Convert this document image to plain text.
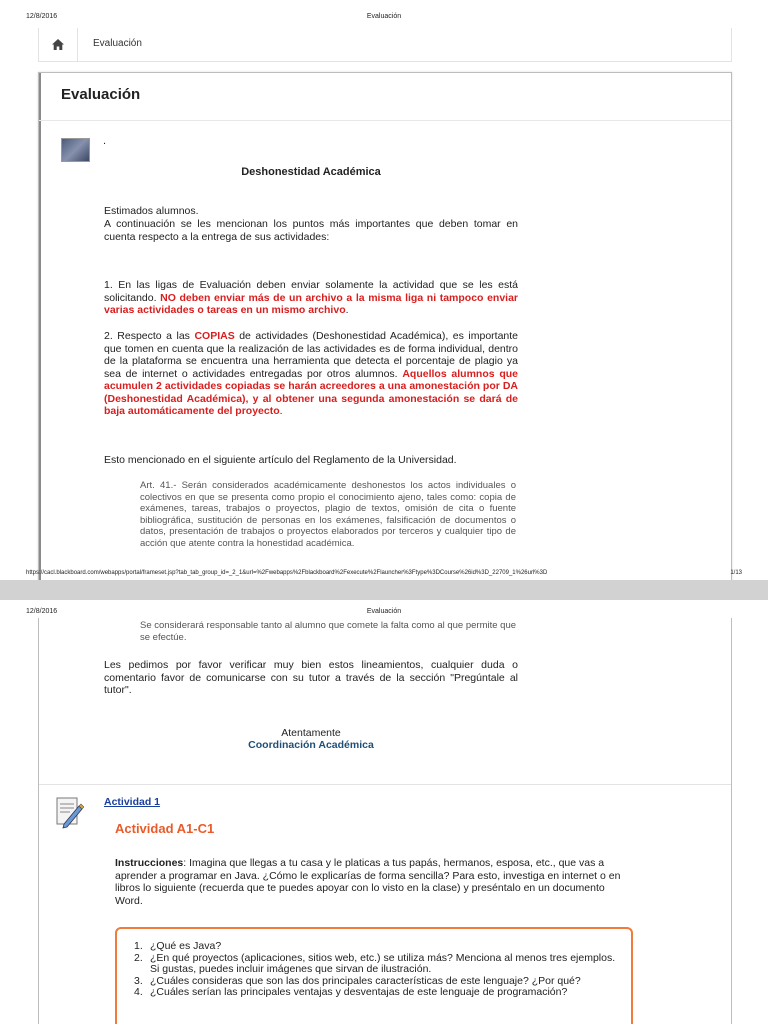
12/8/2016	Evaluación
Evaluación
Evaluación
.
Deshonestidad Académica
Estimados alumnos.
A continuación se les mencionan los puntos más importantes que deben tomar en cuenta respecto a la entrega de sus actividades:
1. En las ligas de Evaluación deben enviar solamente la actividad que se les está solicitando. NO deben enviar más de un archivo a la misma liga ni tampoco enviar varias actividades o tareas en un mismo archivo.
2. Respecto a las COPIAS de actividades (Deshonestidad Académica), es importante que tomen en cuenta que la realización de las actividades es de forma individual, dentro de la plataforma se encuentra una herramienta que detecta el porcentaje de plagio ya sea de internet o actividades entregadas por otros alumnos. Aquellos alumnos que acumulen 2 actividades copiadas se harán acreedores a una amonestación por DA (Deshonestidad Académica), y al obtener una segunda amonestación se dará de baja automáticamente del proyecto.
Esto mencionado en el siguiente artículo del Reglamento de la Universidad.
Art. 41.- Serán considerados académicamente deshonestos los actos individuales o colectivos en que se presenta como propio el conocimiento ajeno, tales como: copia de exámenes, tareas, trabajos o proyectos, plagio de textos, omisión de cita o fuente bibliográfica, sustitución de personas en los exámenes, falsificación de documentos o datos, presentación de trabajos o proyectos elaborados por terceros y cualquier tipo de acción que atente contra la honestidad académica.
https://cacl.blackboard.com/webapps/portal/frameset.jsp?tab_tab_group_id=_2_1&url=%2Fwebapps%2Fblackboard%2Fexecute%2Flauncher%3Ftype%3DCourse%26id%3D_22709_1%26url%3D	1/13
12/8/2016	Evaluación
Se considerará responsable tanto al alumno que comete la falta como al que permite que se efectúe.
Les pedimos por favor verificar muy bien estos lineamientos, cualquier duda o comentario favor de comunicarse con su tutor a través de la sección "Pregúntale al tutor".
Atentamente
Coordinación Académica
Actividad 1
Actividad A1-C1
Instrucciones: Imagina que llegas a tu casa y le platicas a tus papás, hermanos, esposa, etc., que vas a aprender a programar en Java. ¿Cómo le explicarías de forma sencilla? Para esto, investiga en internet o en libros lo siguiente (recuerda que te puedes apoyar con lo visto en la clase) y preséntalo en un documento Word.
1. ¿Qué es Java?
2. ¿En qué proyectos (aplicaciones, sitios web, etc.) se utiliza más? Menciona al menos tres ejemplos. Si gustas, puedes incluir imágenes que sirvan de ilustración.
3. ¿Cuáles consideras que son las dos principales características de este lenguaje? ¿Por qué?
4. ¿Cuáles serían las principales ventajas y desventajas de este lenguaje de programación?
